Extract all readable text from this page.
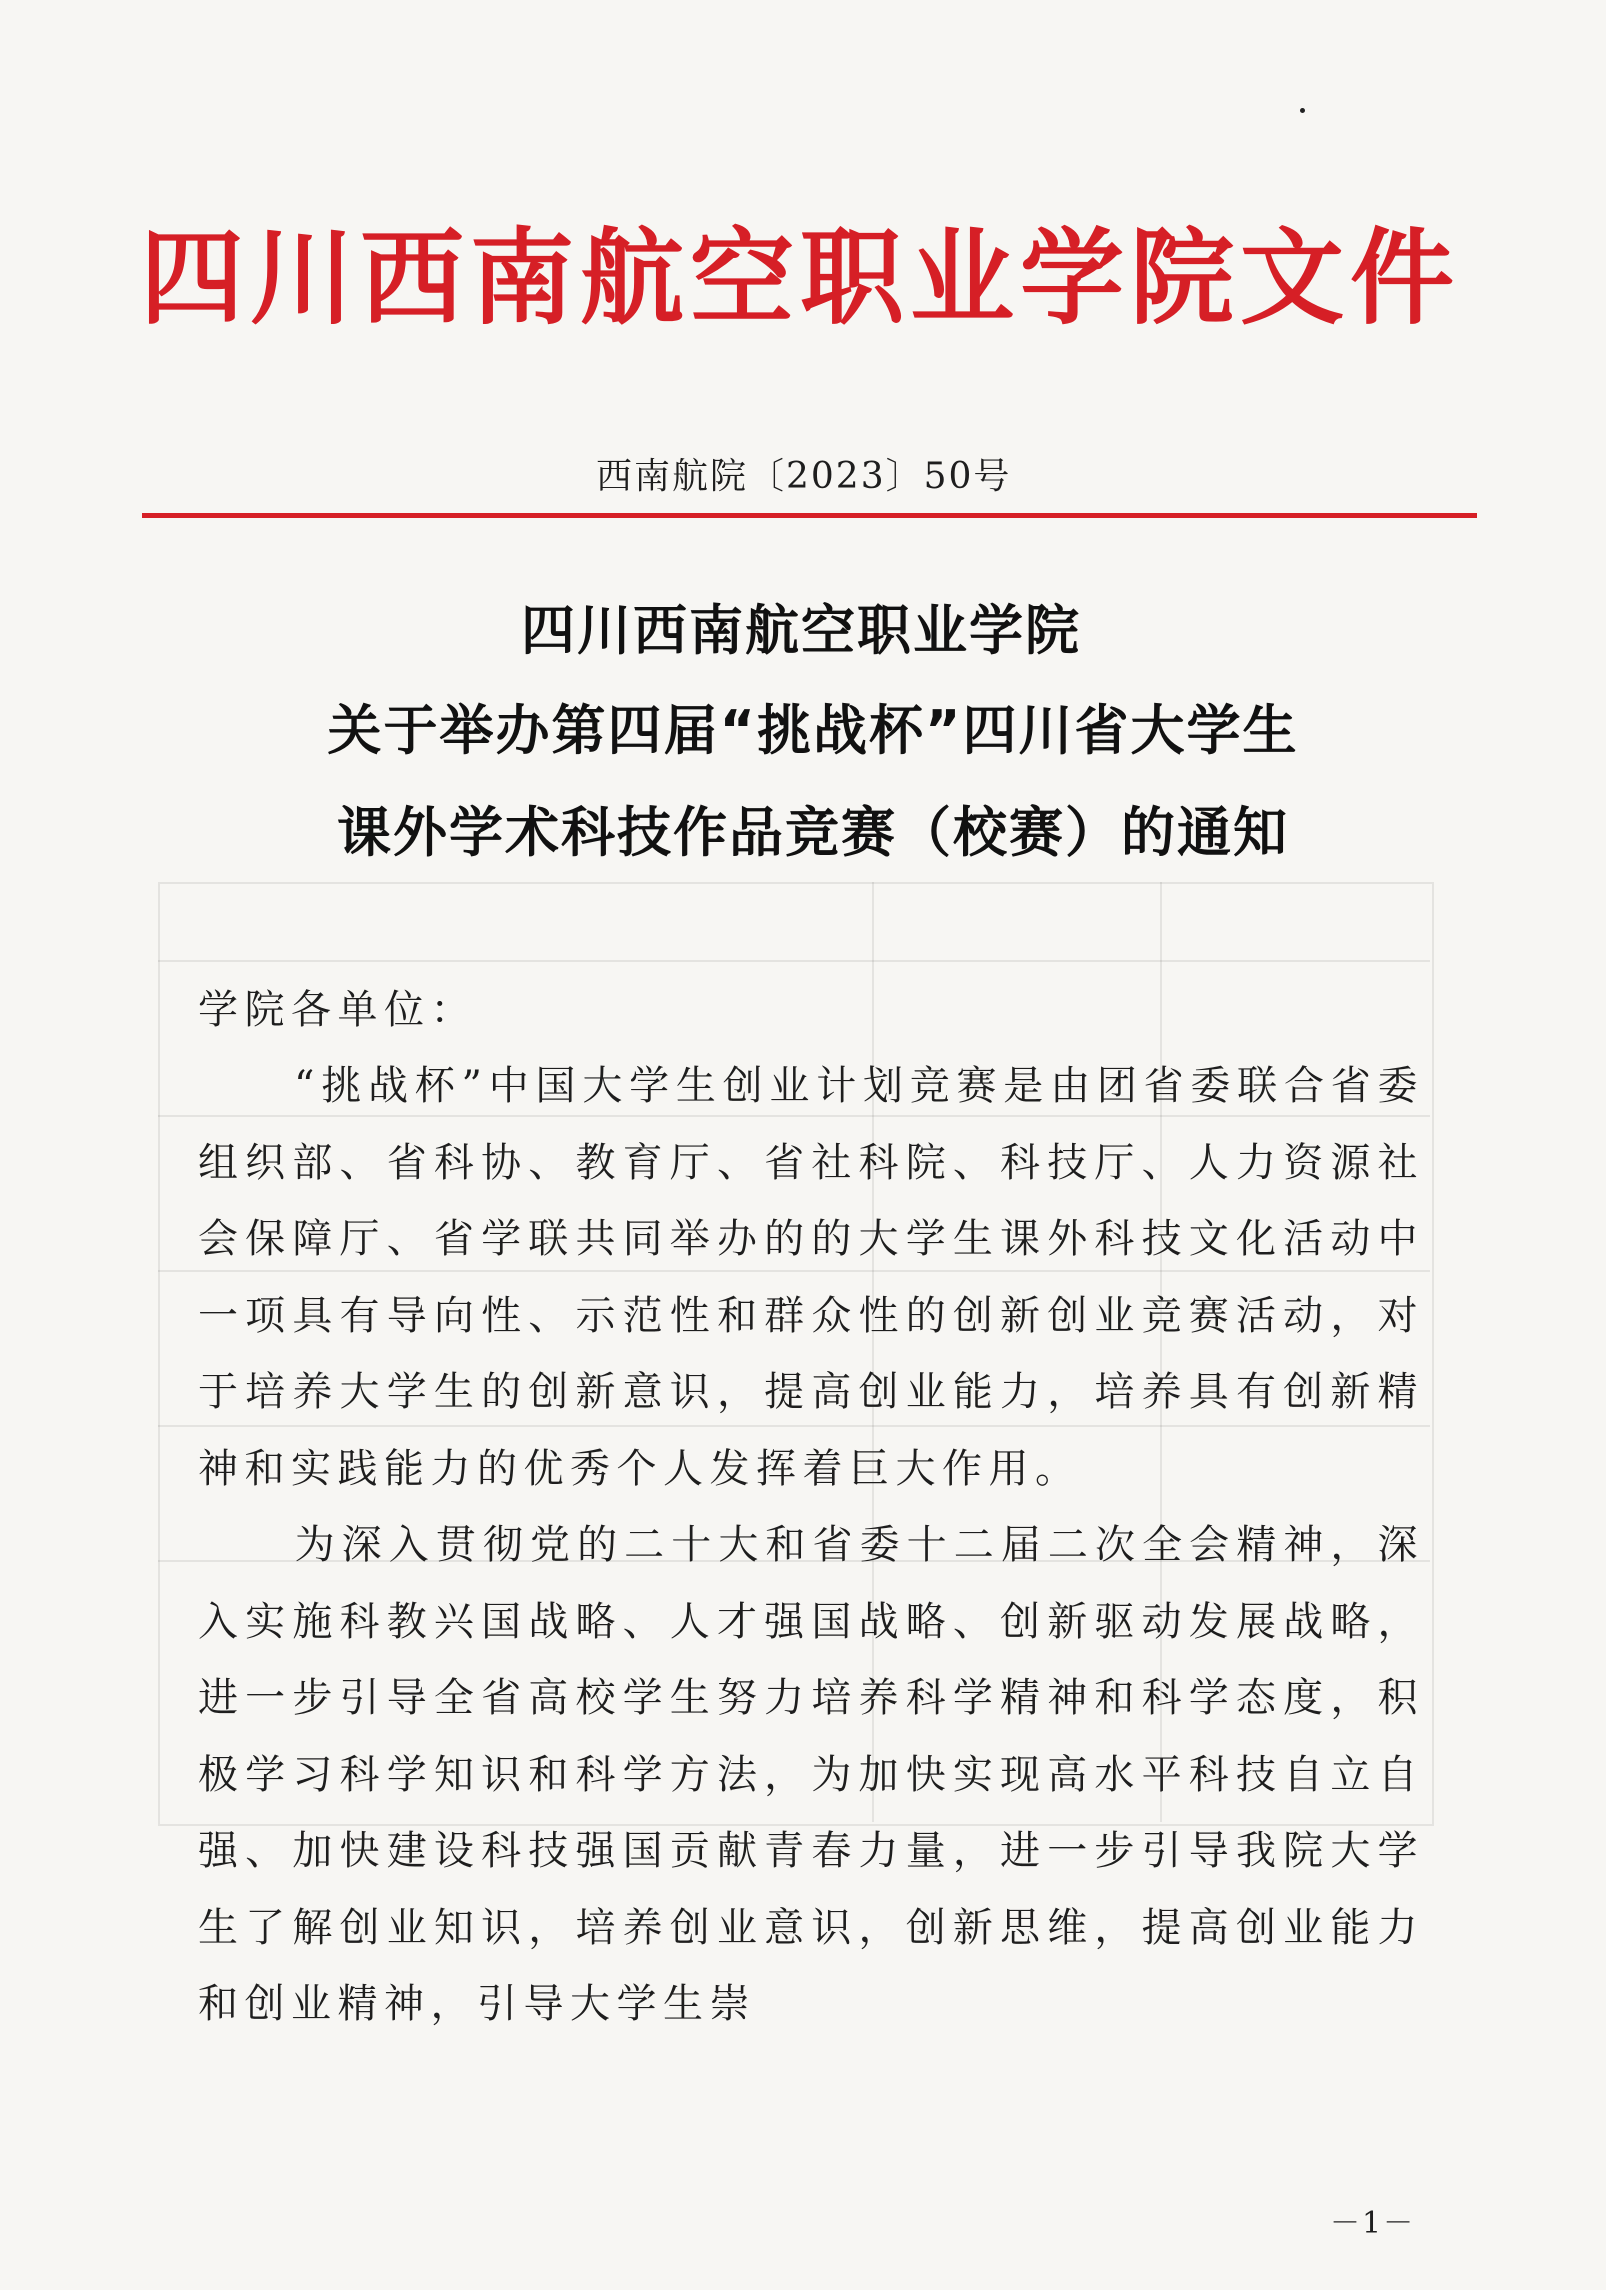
四川西南航空职业学院文件
西南航院〔2023〕50号
四川西南航空职业学院
关于举办第四届“挑战杯”四川省大学生
课外学术科技作品竞赛（校赛）的通知
学院各单位：
“挑战杯”中国大学生创业计划竞赛是由团省委联合省委组织部、省科协、教育厅、省社科院、科技厅、人力资源社会保障厅、省学联共同举办的的大学生课外科技文化活动中一项具有导向性、示范性和群众性的创新创业竞赛活动，对于培养大学生的创新意识，提高创业能力，培养具有创新精神和实践能力的优秀个人发挥着巨大作用。
为深入贯彻党的二十大和省委十二届二次全会精神，深入实施科教兴国战略、人才强国战略、创新驱动发展战略，进一步引导全省高校学生努力培养科学精神和科学态度，积极学习科学知识和科学方法，为加快实现高水平科技自立自强、加快建设科技强国贡献青春力量，进一步引导我院大学生了解创业知识，培养创业意识，创新思维，提高创业能力和创业精神，引导大学生崇
－1－
